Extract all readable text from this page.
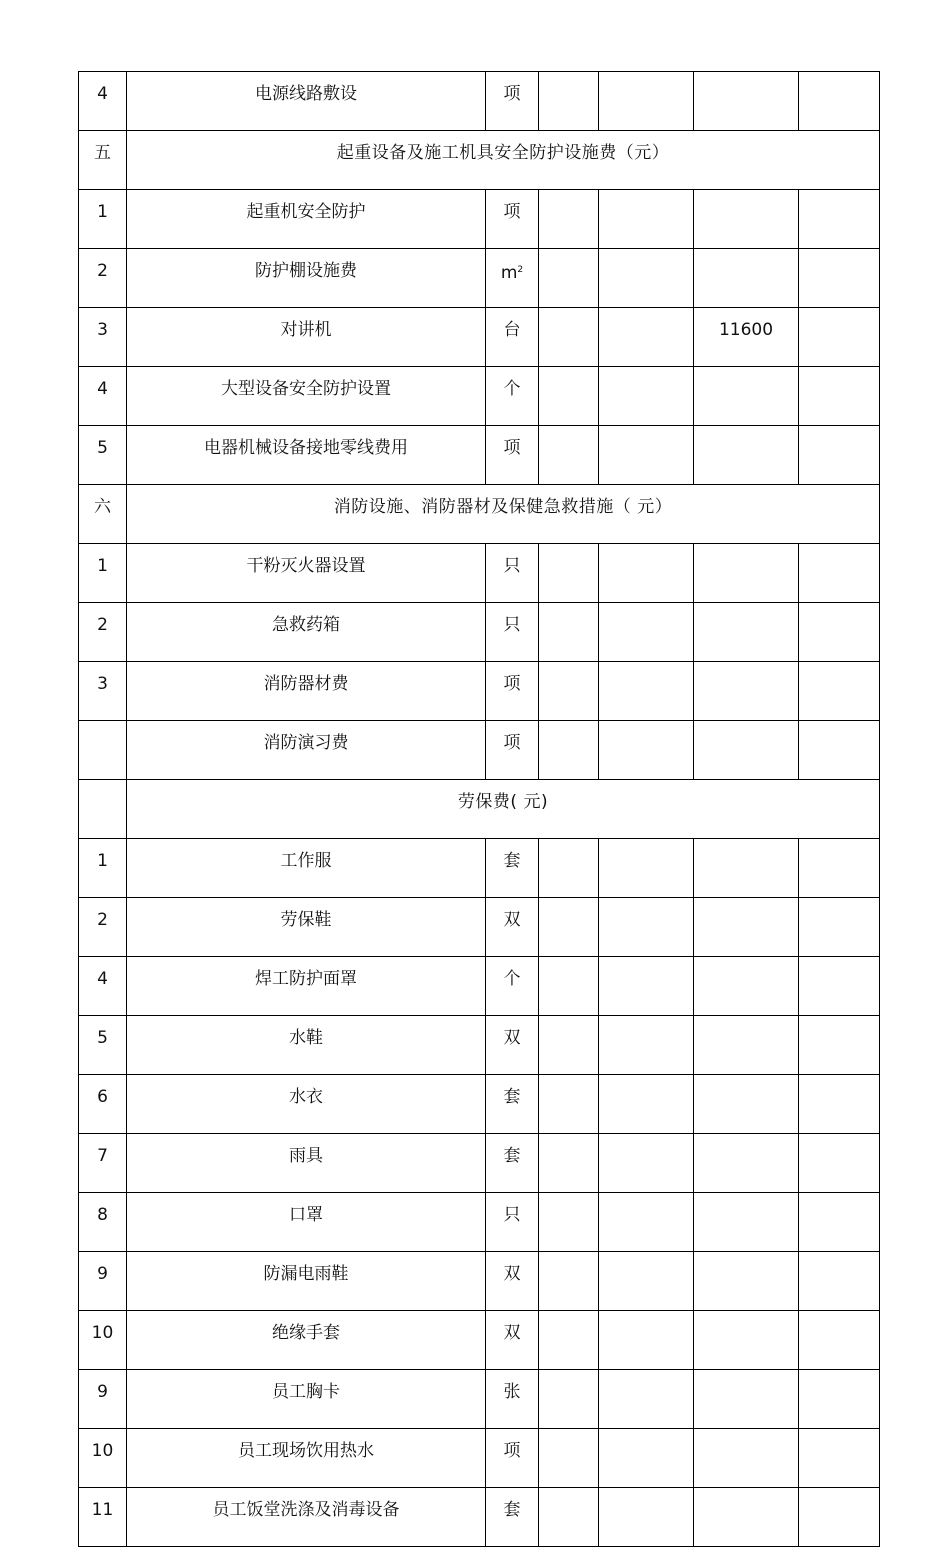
4	电源线路敷设	项				
五	起重设备及施工机具安全防护设施费（元）					
1	起重机安全防护	项				
2	防护棚设施费	$m^2$				
3	对讲机	台			11600	
4	大型设备安全防护设置	个				
5	电器机械设备接地零线费用	项				
六	消防设施、消防器材及保健急救措施（ 元）					
1	干粉灭火器设置	只				
2	急救药箱	只				
3	消防器材费	项				
	消防演习费	项				
	劳保费( 元)					
1	工作服	套				
2	劳保鞋	双				
4	焊工防护面罩	个				
5	水鞋	双				
6	水衣	套				
7	雨具	套				
8	口罩	只				
9	防漏电雨鞋	双				
10	绝缘手套	双				
9	员工胸卡	张				
10	员工现场饮用热水	项				
11	员工饭堂洗涤及消毒设备	套				
